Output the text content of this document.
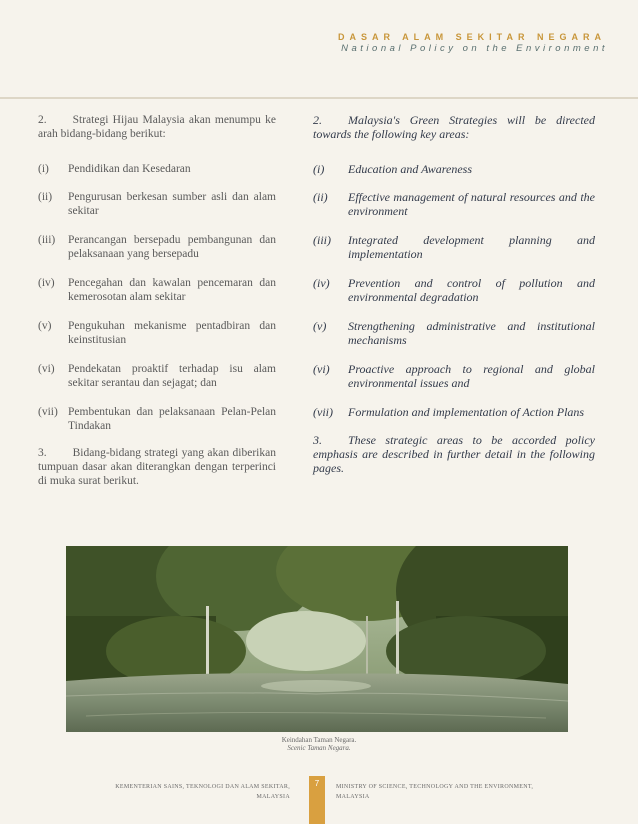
DASAR ALAM SEKITAR NEGARA
National Policy on the Environment
2. Strategi Hijau Malaysia akan menumpu ke arah bidang-bidang berikut:
(i)	Pendidikan dan Kesedaran
(ii)	Pengurusan berkesan sumber asli dan alam sekitar
(iii)	Perancangan bersepadu pembangunan dan pelaksanaan yang bersepadu
(iv)	Pencegahan dan kawalan pencemaran dan kemerosotan alam sekitar
(v)	Pengukuhan mekanisme pentadbiran dan keinstitusian
(vi)	Pendekatan proaktif terhadap isu alam sekitar serantau dan sejagat; dan
(vii) Pembentukan dan pelaksanaan Pelan-Pelan Tindakan
3. Bidang-bidang strategi yang akan diberikan tumpuan dasar akan diterangkan dengan terperinci di muka surat berikut.
2. Malaysia's Green Strategies will be directed towards the following key areas:
(i)	Education and Awareness
(ii)	Effective management of natural resources and the environment
(iii)	Integrated development planning and implementation
(iv)	Prevention and control of pollution and environmental degradation
(v)	Strengthening administrative and institutional mechanisms
(vi)	Proactive approach to regional and global environmental issues and
(vii)	Formulation and implementation of Action Plans
3. These strategic areas to be accorded policy emphasis are described in further detail in the following pages.
Keindahan Taman Negara.
Scenic Taman Negara.
KEMENTERIAN SAINS, TEKNOLOGI DAN ALAM SEKITAR,
MALAYSIA
7	MINISTRY OF SCIENCE, TECHNOLOGY AND THE ENVIRONMENT,
MALAYSIA
